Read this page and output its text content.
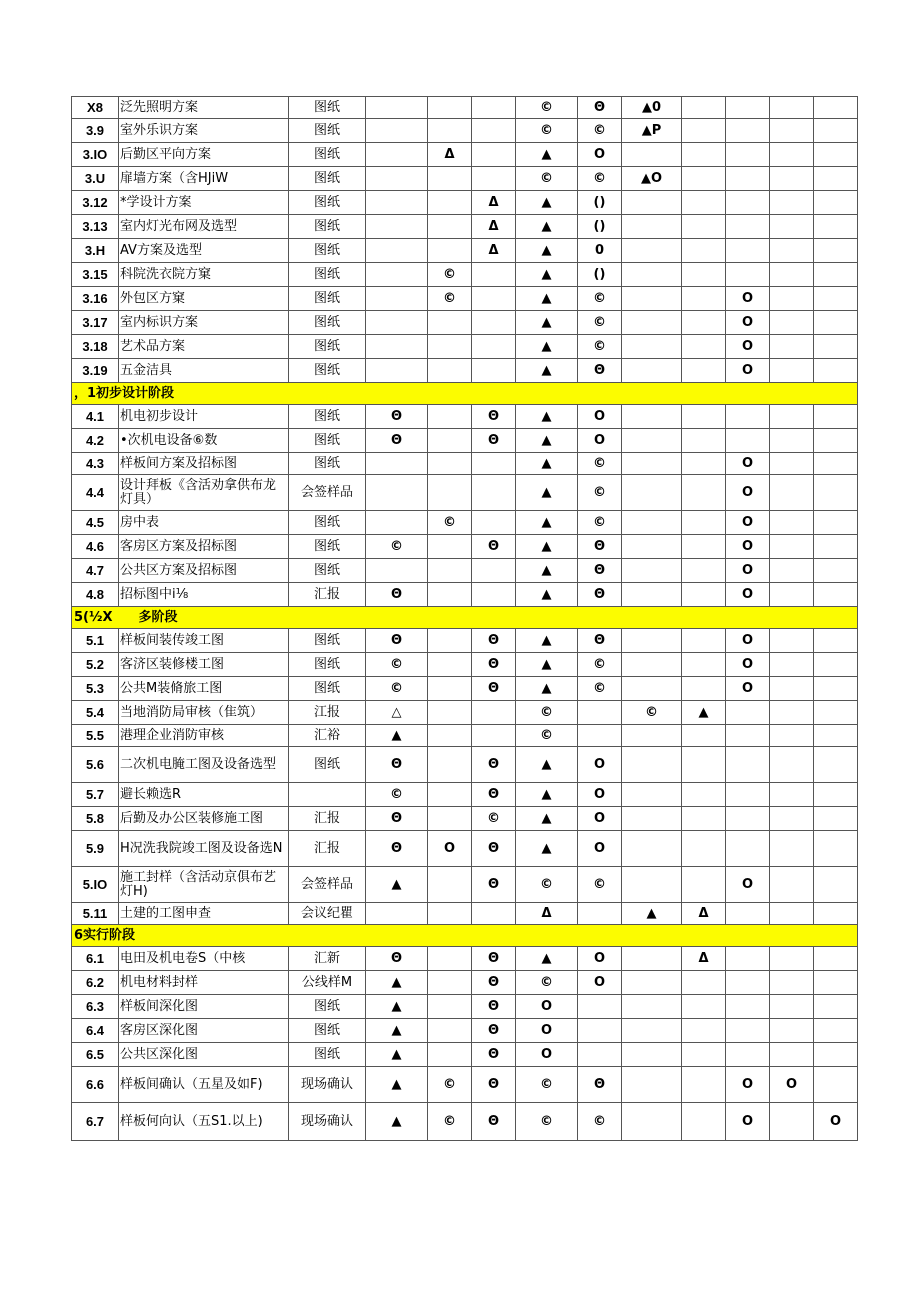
X8	泛先照明方案	图纸				©	Θ	▲0				
3.9	室外乐识方案	图纸				©	©	▲P				
3.IO	后勤区平向方案	图纸		Δ		▲	O					
3.U	扉墙方案（含HJiW	图纸				©	©	▲O				
3.12	*学设计方案	图纸			Δ	▲	()					
3.13	室内灯光布网及选型	图纸			Δ	▲	()					
3.H	AV方案及选型	图纸			Δ	▲	0					
3.15	科院洗衣院方窠	图纸		©		▲	()					
3.16	外包区方窠	图纸		©		▲	©			O		
3.17	室内标识方案	图纸				▲	©			O		
3.18	艺术品方案	图纸				▲	©			O		
3.19	五金洁具	图纸				▲	Θ			O		
，1初步设计阶段												
4.1	机电初步设计	图纸	Θ		Θ	▲	O					
4.2	•次机电设备⑥数	图纸	Θ		Θ	▲	O					
4.3	样板间方案及招标图	图纸				▲	©			O		
4.4	设计拜板《含活劝拿供布龙灯具）	会签样品				▲	©			O		
4.5	房中表	图纸		©		▲	©			O		
4.6	客房区方案及招标图	图纸	©		Θ	▲	Θ			O		
4.7	公共区方案及招标图	图纸				▲	Θ			O		
4.8	招标图中i⅛	汇报	Θ			▲	Θ			O		
5(½X　　多阶段												
5.1	样板间装传竣工图	图纸	Θ		Θ	▲	Θ			O		
5.2	客济区装修楼工图	图纸	©		Θ	▲	©			O		
5.3	公共M装脩旅工图	图纸	©		Θ	▲	©			O		
5.4	当地消防局审核（隹筑）	江报	△			©		©	▲			
5.5	港理企业消防审核	汇裕	▲			©						
5.6	二次机电腌工图及设备选型	图纸	Θ		Θ	▲	O					
5.7	避长赖选R		©		Θ	▲	O					
5.8	后勤及办公区装修施工图	汇报	Θ		©	▲	O					
5.9	H况洗我院竣工图及设备选N	汇报	Θ	O	Θ	▲	O					
5.IO	施工封样（含活动京俱布艺灯H)	会签样品	▲		Θ	©	©			O		
5.11	土建的工图申查	会议纪瞿				Δ		▲	Δ			
6实行阶段												
6.1	电田及机电卷S（中核	汇新	Θ		Θ	▲	O		Δ			
6.2	机电材料封样	公线样M	▲		Θ	©	O					
6.3	样板间深化图	图纸	▲		Θ	O						
6.4	客房区深化图	图纸	▲		Θ	O						
6.5	公共区深化图	图纸	▲		Θ	O						
6.6	样板间确认（五星及如F)	现场确认	▲	©	Θ	©	Θ			O	O	
6.7	样板何向认（五S1.以上)	现场确认	▲	©	Θ	©	©			O		O
